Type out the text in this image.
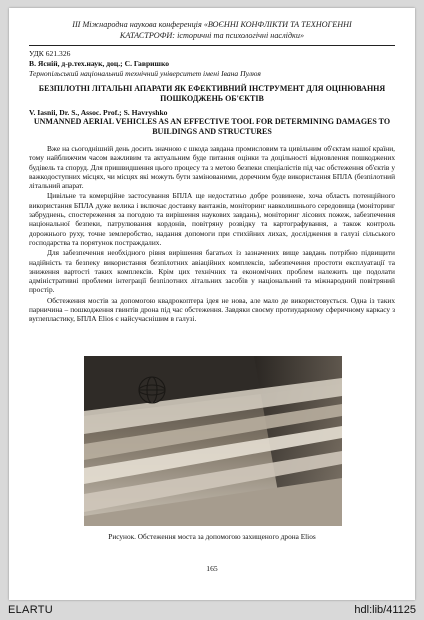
ІІІ Міжнародна наукова конференція «ВОЄННІ КОНФЛІКТИ ТА ТЕХНОГЕННІ
КАТАСТРОФИ: історичні та психологічні наслідки»
УДК 621.326
В. Ясній, д-р.тех.наук, доц.; С. Гавришко
Тернопільський національний технічний університет імені Івана Пулюя
БЕЗПІЛОТНІ ЛІТАЛЬНІ АПАРАТИ ЯК ЕФЕКТИВНИЙ ІНСТРУМЕНТ ДЛЯ ОЦІНЮВАННЯ ПОШКОДЖЕНЬ ОБ'ЄКТІВ
V. Iasnii, Dr. S., Assoc. Prof.; S. Havryshko
UNMANNED AERIAL VEHICLES AS AN EFFECTIVE TOOL FOR DETERMINING DAMAGES TO BUILDINGS AND STRUCTURES

Вже на сьогоднішній день досить значною є шкода завдана промисловим та цивільним об'єктам нашої країни, тому найближчим часом важливим та актуальним буде питання оцінки та доцільності відновлення пошкоджених будівель та споруд. Для пришвидшення цього процесу та з метою безпеки спеціалістів під час обстеження об'єктів у важкодоступних місцях, чи місцях які можуть бути замінованими, доречним буде використання БПЛА (безпілотний літальний апарат.

Цивільне та комерційне застосування БПЛА ще недостатньо добре розвинене, хоча область потенційного використання БПЛА дуже велика і включає доставку вантажів, моніторинг навколишнього середовища (моніторинг забруднень, спостереження за погодою та вирішення наукових завдань), моніторинг лісових пожеж, забезпечення національної безпеки, патрулювання кордонів, повітряну розвідку та картографування, а також контроль дорожнього руху, точне землеробство, надання допомоги при стихійних лихах, дослідження в галузі сільського господарства та порятунок постраждалих.

Для забезпечення необхідного рівня вирішення багатьох із зазначених вище завдань потрібно підвищити надійність та безпеку використання безпілотних авіаційних комплексів, забезпечення простоти експлуатації та зниження вартості таких комплексів. Крім цих технічних та економічних проблем належить ще подолати адміністративні проблеми інтеграції безпілотних літальних засобів у національний та міжнародний повітряний простір.

Обстеження мостів за допомогою квадрокоптера ідея не нова, але мало де використовується. Одна із таких парничина – пошкодження гвинтів дрона під час обстеження. Завдяки своєму протиударному сферичному каркасу з вуглепластику, БПЛА Elios є найсучаснішим в галузі.

Рисунок. Обстеження моста за допомогою захищеного дрона Elios
165
ELARTU	hdl:lib/41125
